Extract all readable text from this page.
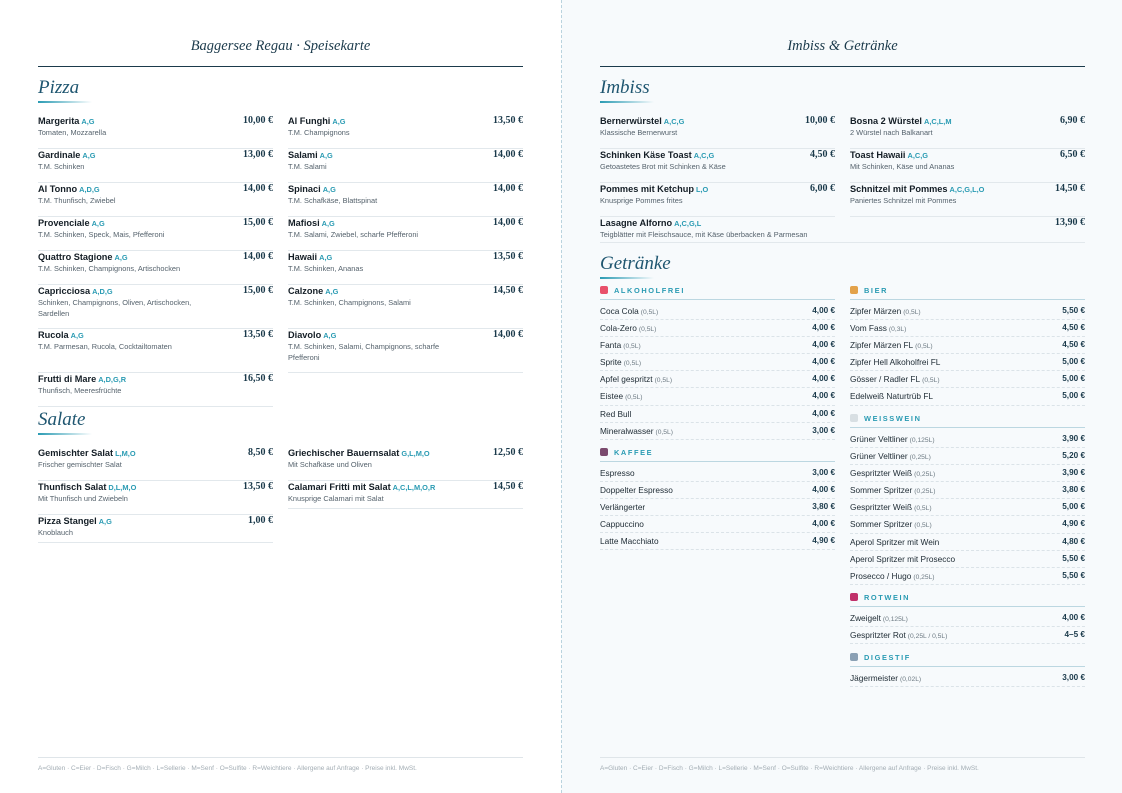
Baggersee Regau · Speisekarte
Pizza
Margerita A,G
Tomaten, Mozzarella
10,00 €
Gardinale A,G
T.M. Schinken
13,00 €
Al Tonno A,D,G
T.M. Thunfisch, Zwiebel
14,00 €
Provenciale A,G
T.M. Schinken, Speck, Mais, Pfefferoni
15,00 €
Quattro Stagione A,G
T.M. Schinken, Champignons, Artischocken
14,00 €
Capricciosa A,D,G
Schinken, Champignons, Oliven, Artischocken, Sardellen
15,00 €
Rucola A,G
T.M. Parmesan, Rucola, Cocktailtomaten
13,50 €
Frutti di Mare A,D,G,R
Thunfisch, Meeresfrüchte
16,50 €
Al Funghi A,G
T.M. Champignons
13,50 €
Salami A,G
T.M. Salami
14,00 €
Spinaci A,G
T.M. Schafkäse, Blattspinat
14,00 €
Mafiosi A,G
T.M. Salami, Zwiebel, scharfe Pfefferoni
14,00 €
Hawaii A,G
T.M. Schinken, Ananas
13,50 €
Calzone A,G
T.M. Schinken, Champignons, Salami
14,50 €
Diavolo A,G
T.M. Schinken, Salami, Champignons, scharfe Pfefferoni
14,00 €
Salate
Gemischter Salat L,M,O
Frischer gemischter Salat
8,50 €
Thunfisch Salat D,L,M,O
Mit Thunfisch und Zwiebeln
13,50 €
Pizza Stangel A,G
Knoblauch
1,00 €
Griechischer Bauernsalat G,L,M,O
Mit Schafkäse und Oliven
12,50 €
Calamari Fritti mit Salat A,C,L,M,O,R
Knusprige Calamari mit Salat
14,50 €
A=Gluten · C=Eier · D=Fisch · G=Milch · L=Sellerie · M=Senf · O=Sulfite · R=Weichtiere · Allergene auf Anfrage · Preise inkl. MwSt.
Imbiss & Getränke
Imbiss
Bernerwürstel A,C,G
Klassische Bernerwurst
10,00 €
Schinken Käse Toast A,C,G
Getoastetes Brot mit Schinken & Käse
4,50 €
Pommes mit Ketchup L,O
Knusprige Pommes frites
6,00 €
Bosna 2 Würstel A,C,L,M
2 Würstel nach Balkanart
6,90 €
Toast Hawaii A,C,G
Mit Schinken, Käse und Ananas
6,50 €
Schnitzel mit Pommes A,C,G,L,O
Paniertes Schnitzel mit Pommes
14,50 €
Lasagne Alforno A,C,G,L
Teigblätter mit Fleischsauce, mit Käse überbacken & Parmesan
13,90 €
Getränke
ALKOHOLFREI
Coca Cola (0,5L)	4,00 €
Cola-Zero (0,5L)	4,00 €
Fanta (0,5L)	4,00 €
Sprite (0,5L)	4,00 €
Apfel gespritzt (0,5L)	4,00 €
Eistee (0,5L)	4,00 €
Red Bull	4,00 €
Mineralwasser (0,5L)	3,00 €
KAFFEE
Espresso	3,00 €
Doppelter Espresso	4,00 €
Verlängerter	3,80 €
Cappuccino	4,00 €
Latte Macchiato	4,90 €
BIER
Zipfer Märzen (0,5L)	5,50 €
Vom Fass (0,3L)	4,50 €
Zipfer Märzen FL (0,5L)	4,50 €
Zipfer Hell Alkoholfrei FL	5,00 €
Gösser / Radler FL (0,5L)	5,00 €
Edelweiß Naturtrüb FL	5,00 €
WEISSWEIN
Grüner Veltliner (0,125L)	3,90 €
Grüner Veltliner (0,25L)	5,20 €
Gespritzter Weiß (0,25L)	3,90 €
Sommer Spritzer (0,25L)	3,80 €
Gespritzter Weiß (0,5L)	5,00 €
Sommer Spritzer (0,5L)	4,90 €
Aperol Spritzer mit Wein	4,80 €
Aperol Spritzer mit Prosecco	5,50 €
Prosecco / Hugo (0,25L)	5,50 €
ROTWEIN
Zweigelt (0,125L)	4,00 €
Gespritzter Rot (0,25L / 0,5L)	4–5 €
DIGESTIF
Jägermeister (0,02L)	3,00 €
A=Gluten · C=Eier · D=Fisch · G=Milch · L=Sellerie · M=Senf · O=Sulfite · R=Weichtiere · Allergene auf Anfrage · Preise inkl. MwSt.
